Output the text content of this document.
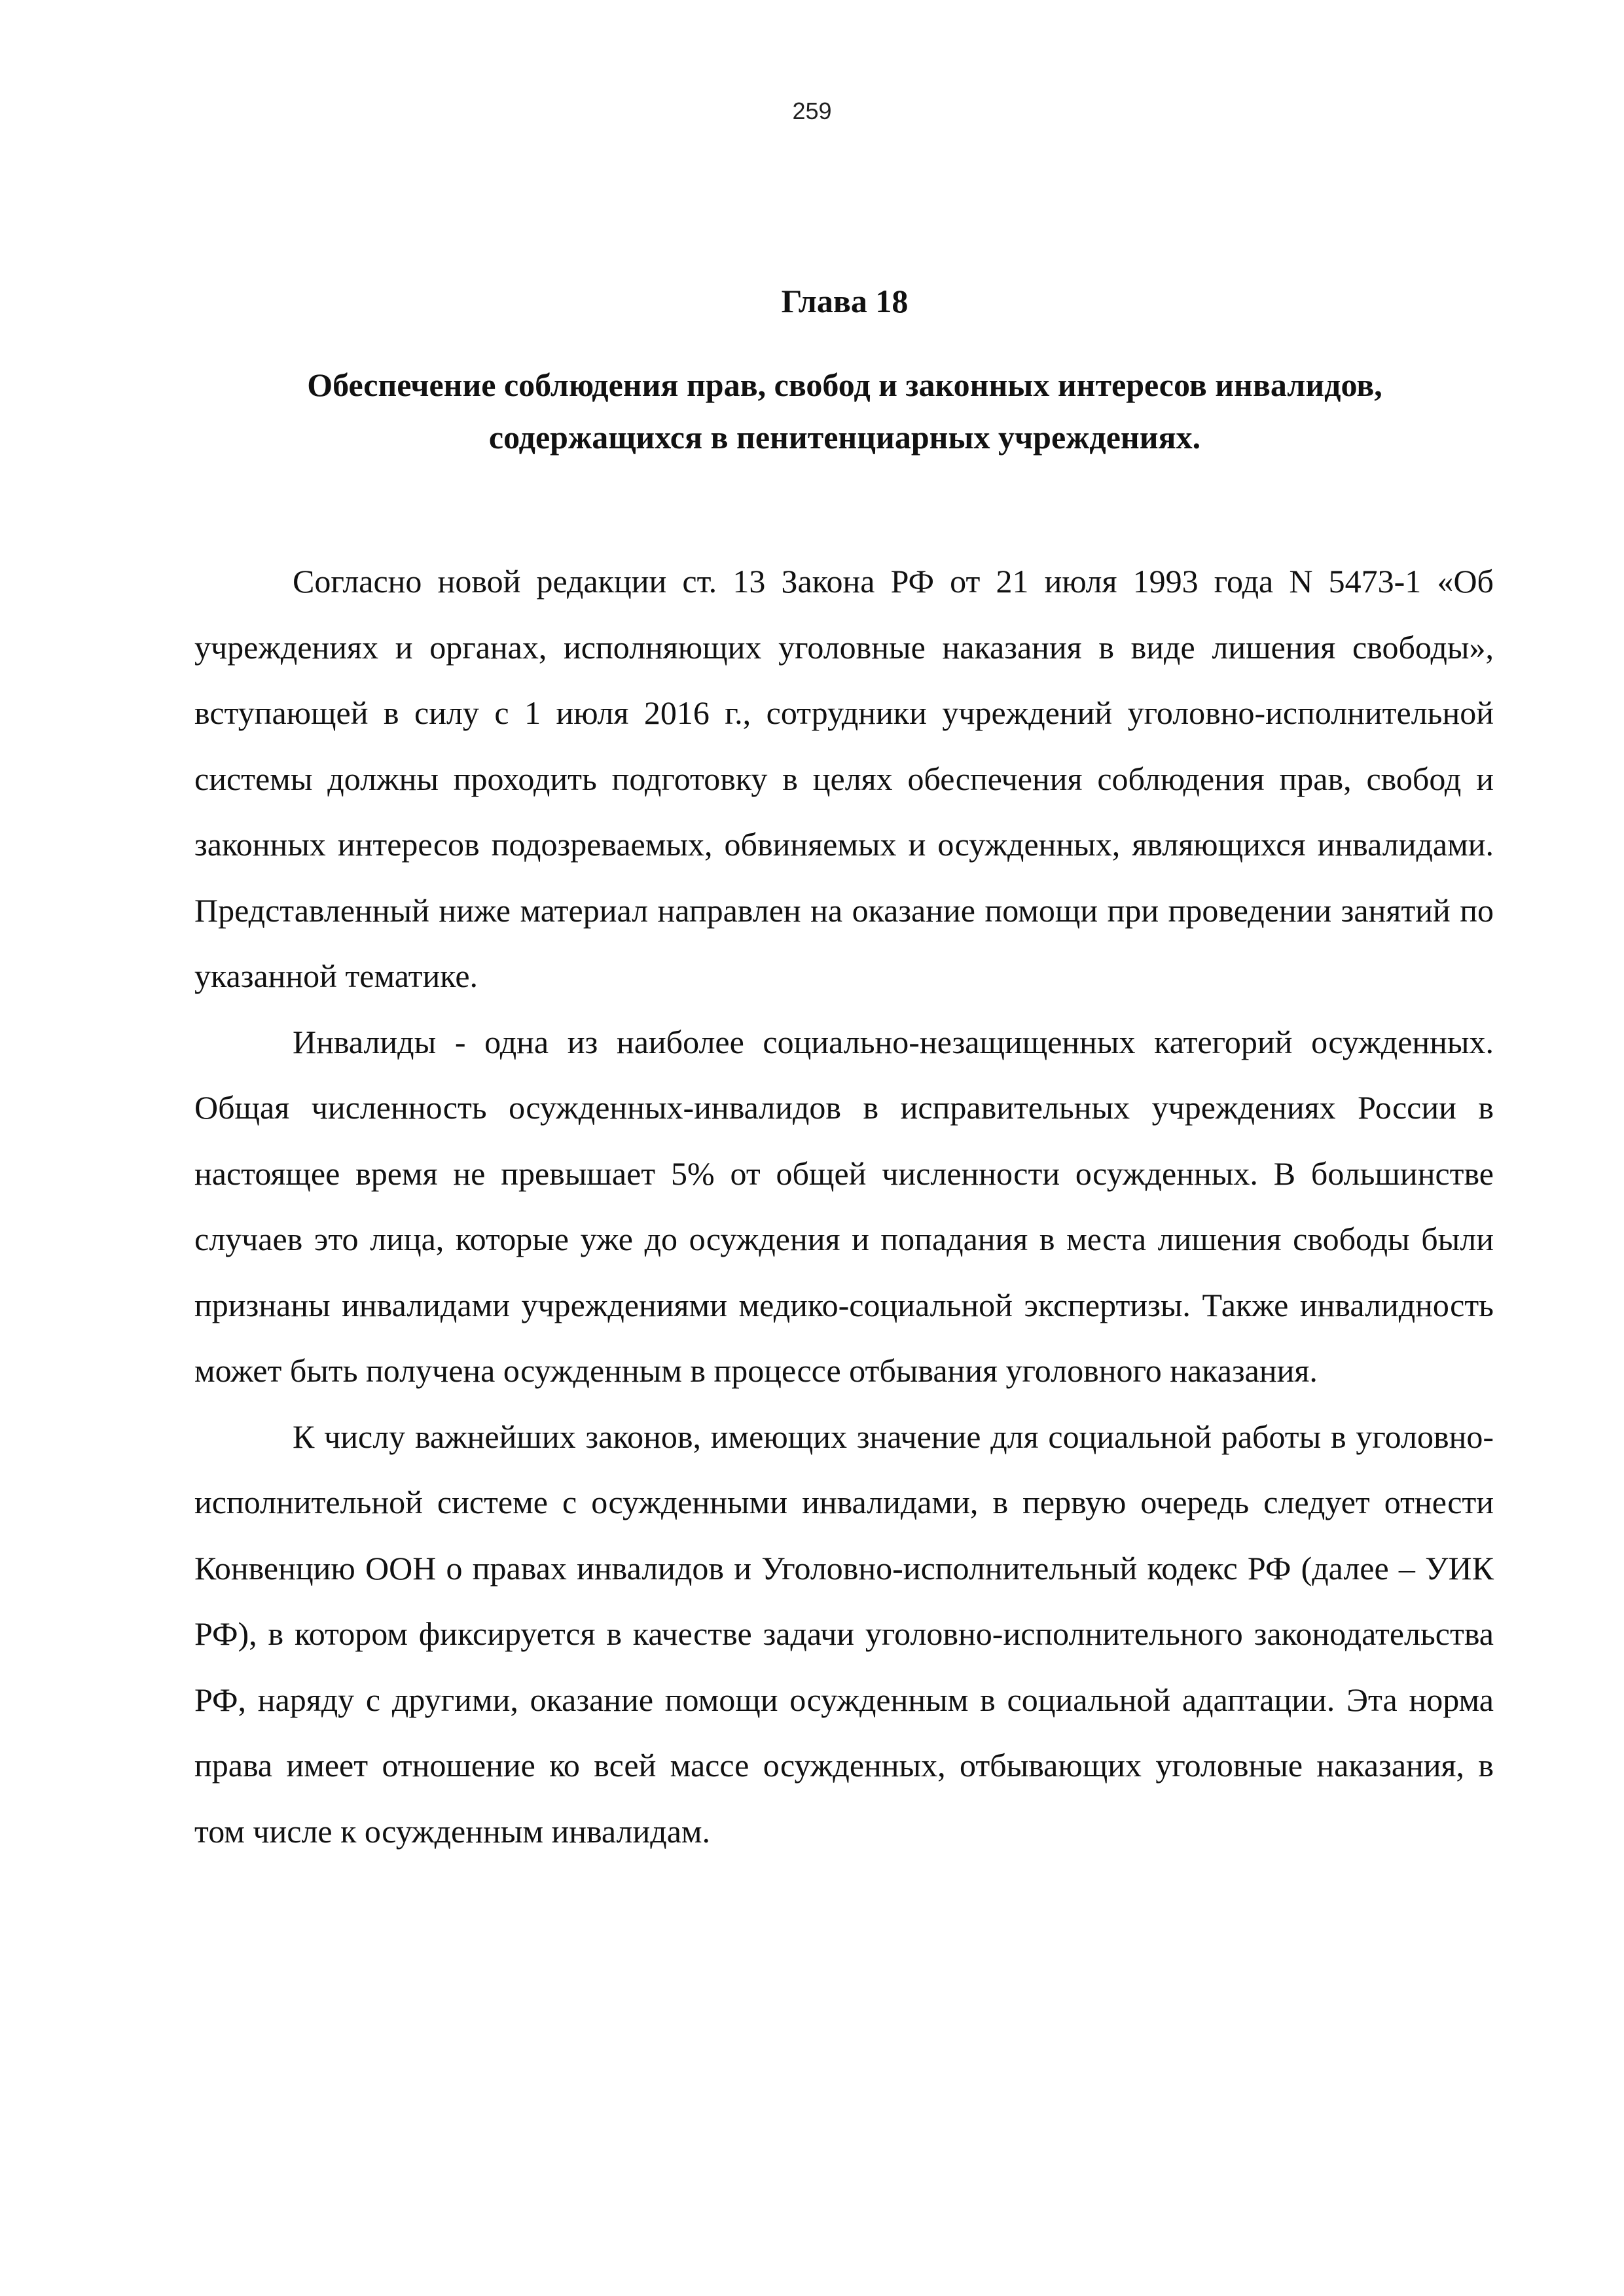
259
Глава 18
Обеспечение соблюдения прав, свобод и законных интересов инвалидов, содержащихся в пенитенциарных учреждениях.

Согласно новой редакции ст. 13 Закона РФ от 21 июля 1993 года N 5473-1 «Об учреждениях и органах, исполняющих уголовные наказания в виде лишения свободы», вступающей в силу с 1 июля 2016 г., сотрудники учреждений уголовно-исполнительной системы должны проходить подготовку в целях обеспечения соблюдения прав, свобод и законных интересов подозреваемых, обвиняемых и осужденных, являющихся инвалидами. Представленный ниже материал направлен на оказание помощи при проведении занятий по указанной тематике.

Инвалиды - одна из наиболее социально-незащищенных категорий осужденных. Общая численность осужденных-инвалидов в исправительных учреждениях России в настоящее время не превышает 5% от общей численности осужденных. В большинстве случаев это лица, которые уже до осуждения и попадания в места лишения свободы были признаны инвалидами учреждениями медико-социальной экспертизы. Также инвалидность может быть получена осужденным в процессе отбывания уголовного наказания.

К числу важнейших законов, имеющих значение для социальной работы в уголовно-исполнительной системе с осужденными инвалидами, в первую очередь следует отнести Конвенцию ООН о правах инвалидов и Уголовно-исполнительный кодекс РФ (далее – УИК РФ), в котором фиксируется в качестве задачи уголовно-исполнительного законодательства РФ, наряду с другими, оказание помощи осужденным в социальной адаптации. Эта норма права имеет отношение ко всей массе осужденных, отбывающих уголовные наказания, в том числе к осужденным инвалидам.
